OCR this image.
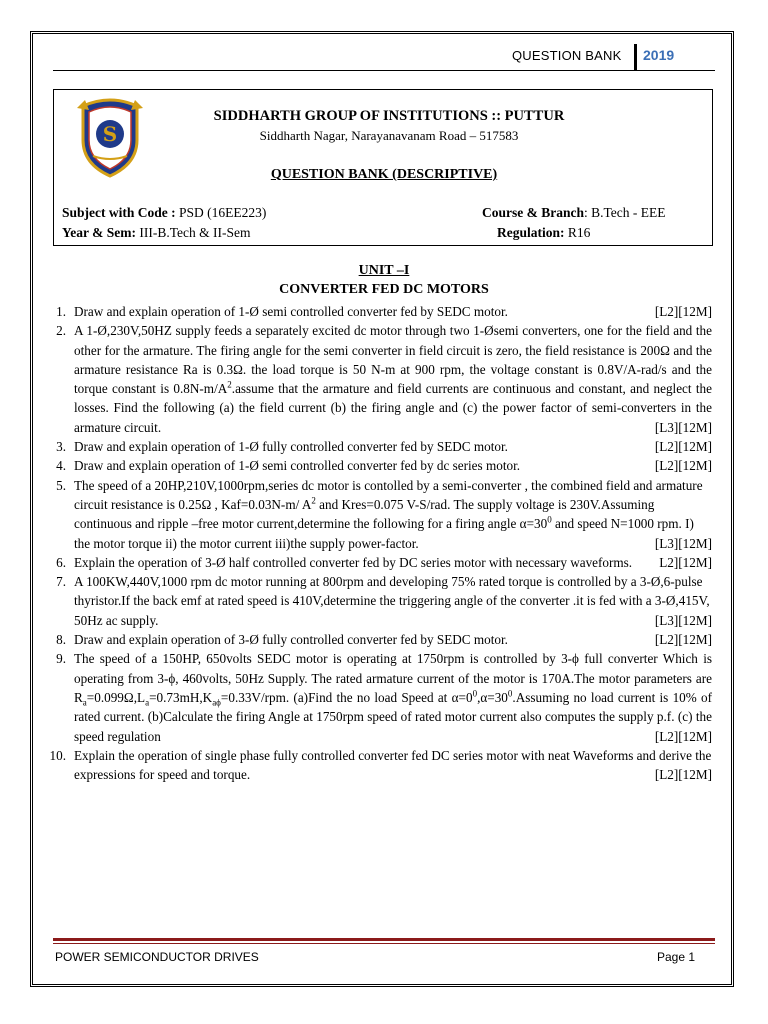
QUESTION BANK 2019
S
SIDDHARTH GROUP OF INSTITUTIONS :: PUTTUR
Siddharth Nagar, Narayanavanam Road – 517583
QUESTION BANK (DESCRIPTIVE)
Subject with Code : PSD (16EE223)	Course & Branch: B.Tech - EEE
Year & Sem: III-B.Tech & II-Sem	Regulation: R16
UNIT –I
CONVERTER FED DC MOTORS
1. Draw and explain operation of 1-Ø semi controlled converter fed by SEDC motor.	[L2][12M]
2. A 1-Ø,230V,50HZ supply feeds a separately excited dc motor through two 1-Øsemi converters, one for the field and the other for the armature. The firing angle for the semi converter in field circuit is zero, the field resistance is 200Ω and the armature resistance Ra is 0.3Ω. the load torque is 50 N-m at 900 rpm, the voltage constant is 0.8V/A-rad/s and the torque constant is $0.8N-m/A^2.assume$ that the armature and field currents are continuous and constant, and neglect the losses. Find the following (a) the field current (b) the firing angle and (c) the power factor of semi-converters in the armature circuit.	[L3][12M]
3. Draw and explain operation of 1-Ø fully controlled converter fed by SEDC motor.	[L2][12M]
4. Draw and explain operation of 1-Ø semi controlled converter fed by dc series motor.	[L2][12M]
5. The speed of a 20HP,210V,1000rpm,series dc motor is contolled by a semi-converter , the combined field and armature circuit resistance is 0.25Ω , Kaf=0.03N-m/ $A^2$ and Kres=0.075 V-S/rad. The supply voltage is 230V.Assuming continuous and ripple –free motor current,determine the following for a firing angle $\alpha=30^0$ and speed N=1000 rpm. I) the motor torque ii) the motor current iii)the supply power-factor.	[L3][12M]
6. Explain the operation of 3-Ø half controlled converter fed by DC series motor with necessary waveforms. L2][12M]
7. A 100KW,440V,1000 rpm dc motor running at 800rpm and developing 75% rated torque is controlled by a 3-Ø,6-pulse thyristor.If the back emf at rated speed is 410V,determine the triggering angle of the converter .it is fed with a 3-Ø,415V, 50Hz ac supply.	[L3][12M]
8. Draw and explain operation of 3-Ø fully controlled converter fed by SEDC motor.	[L2][12M]
9. The speed of a 150HP, 650volts SEDC motor is operating at 1750rpm is controlled by 3-ϕ full converter Which is operating from 3-ϕ, 460volts, 50Hz Supply. The rated armature current of the motor is 170A.The motor parameters are $R_a=0.099\Omega,L_a=0.73mH,K_{a\phi}=0.33V$/rpm. (a)Find the no load Speed at $\alpha=0^0,\alpha=30^0.Assuming$ no load current is 10% of rated current. (b)Calculate the firing Angle at 1750rpm speed of rated motor current also computes the supply p.f. (c) the speed regulation	[L2][12M]
10. Explain the operation of single phase fully controlled converter fed DC series motor with neat Waveforms and derive the expressions for speed and torque.	[L2][12M]
POWER SEMICONDUCTOR DRIVES	Page 1
